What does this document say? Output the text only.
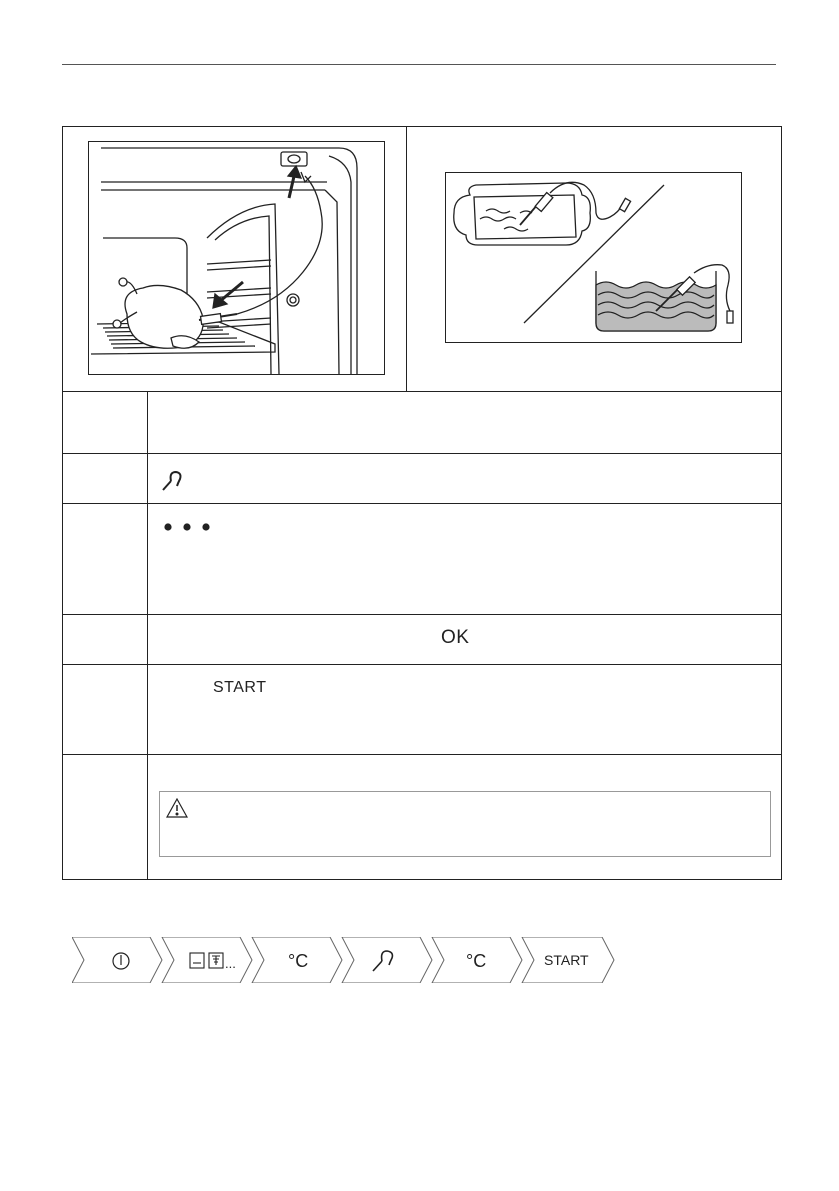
OK
START
...	°C	°C	START
